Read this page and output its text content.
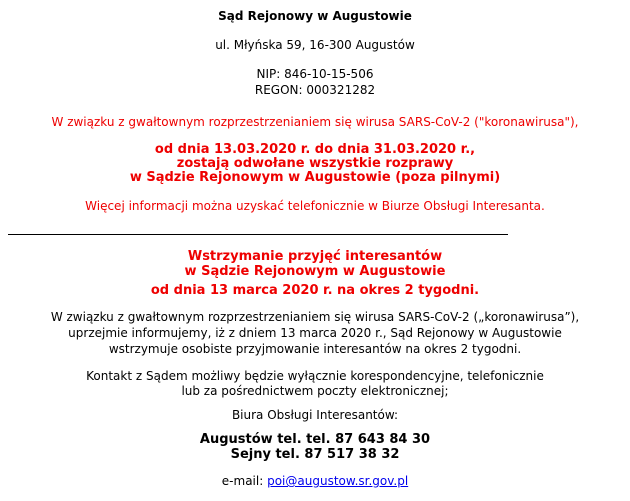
Sąd Rejonowy w Augustowie
ul. Młyńska 59, 16-300 Augustów
NIP: 846-10-15-506
REGON: 000321282
W związku z gwałtownym rozprzestrzenianiem się wirusa SARS-CoV-2 ("koronawirusa"),
od dnia 13.03.2020 r. do dnia 31.03.2020 r.,
zostają odwołane wszystkie rozprawy
w Sądzie Rejonowym w Augustowie (poza pilnymi)
Więcej informacji można uzyskać telefonicznie w Biurze Obsługi Interesanta.
Wstrzymanie przyjęć interesantów
w Sądzie Rejonowym w Augustowie
od dnia 13 marca 2020 r. na okres 2 tygodni.
W związku z gwałtownym rozprzestrzenianiem się wirusa SARS-CoV-2 („koronawirusa”),
uprzejmie informujemy, iż z dniem 13 marca 2020 r., Sąd Rejonowy w Augustowie
wstrzymuje osobiste przyjmowanie interesantów na okres 2 tygodni.
Kontakt z Sądem możliwy będzie wyłącznie korespondencyjne, telefonicznie
lub za pośrednictwem poczty elektronicznej;
Biura Obsługi Interesantów:
Augustów tel. tel. 87 643 84 30
Sejny tel. 87 517 38 32
e-mail: poi@augustow.sr.gov.pl
